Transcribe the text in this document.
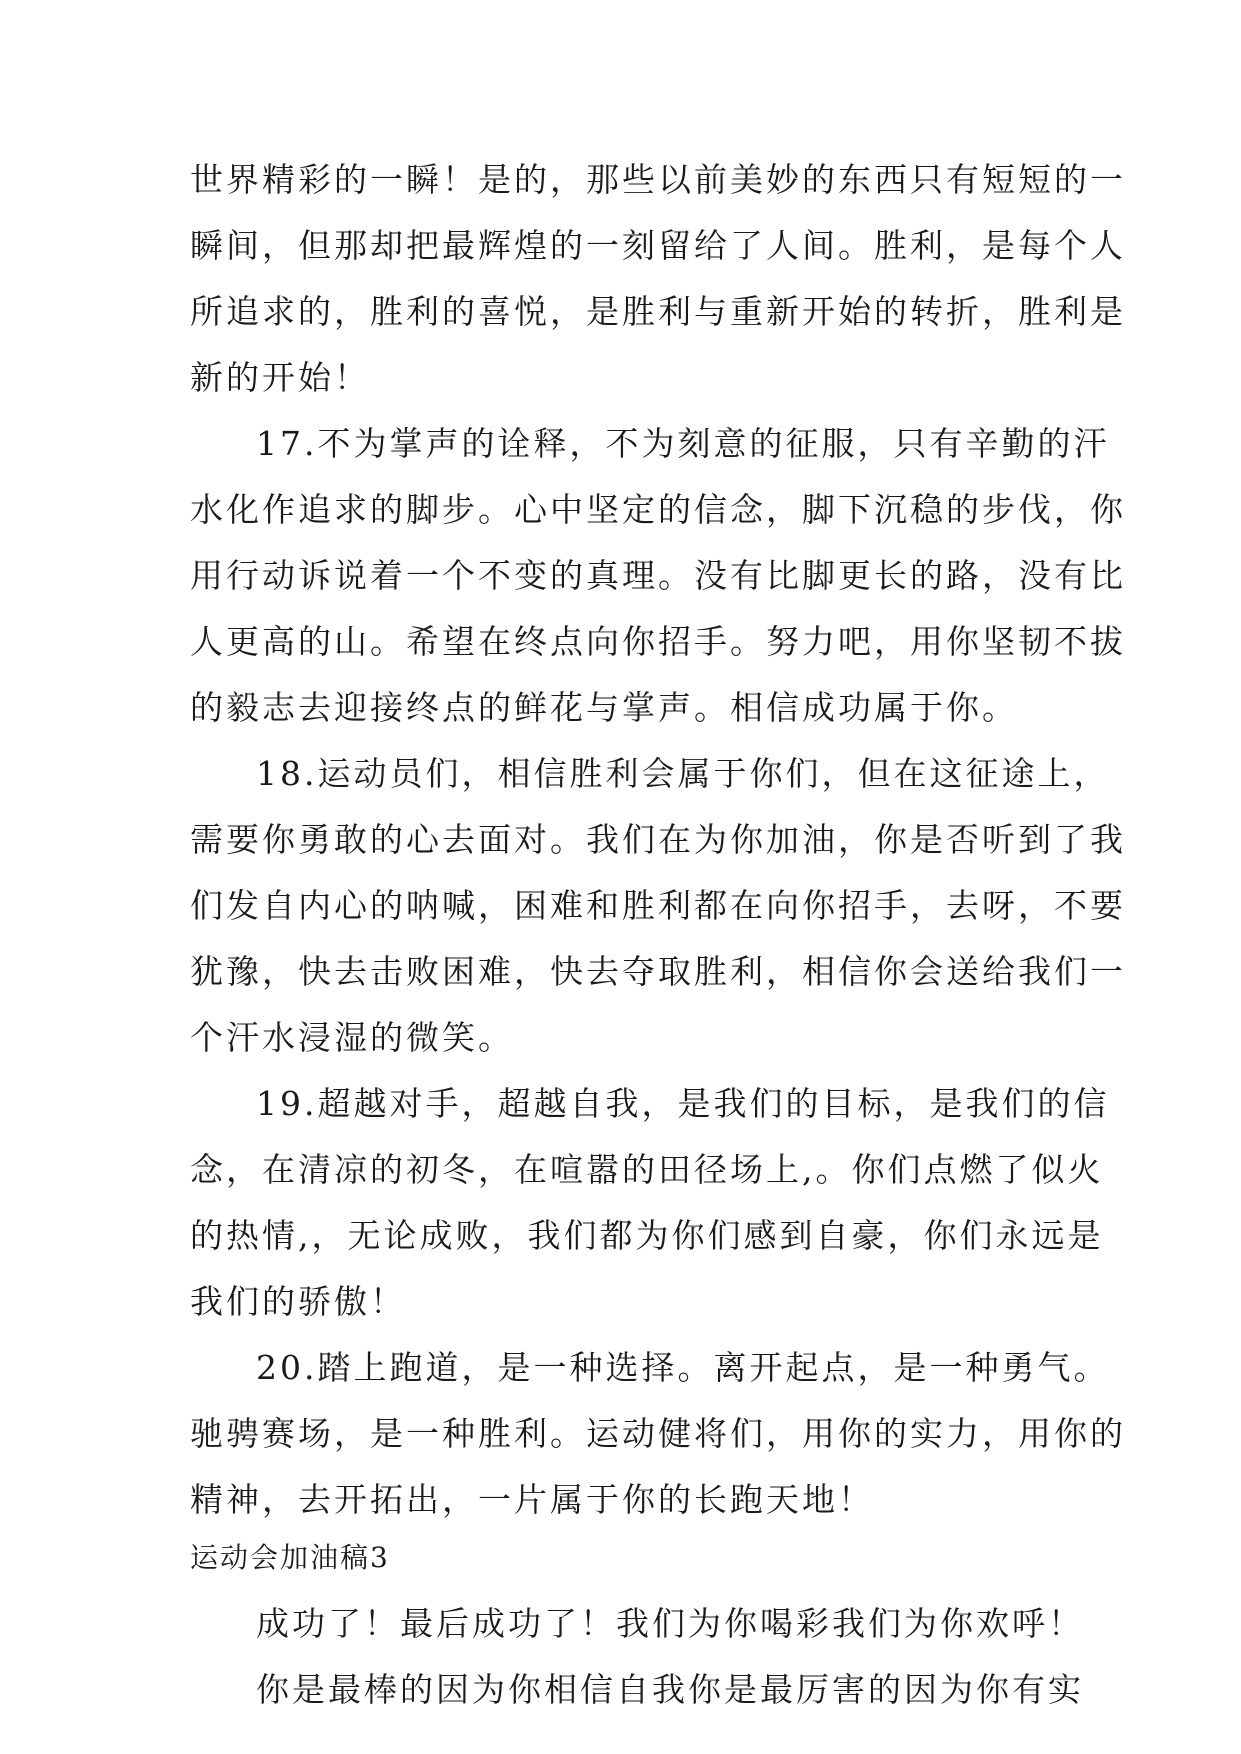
世界精彩的一瞬！是的，那些以前美妙的东西只有短短的一
瞬间，但那却把最辉煌的一刻留给了人间。胜利，是每个人
所追求的，胜利的喜悦，是胜利与重新开始的转折，胜利是
新的开始！
17.不为掌声的诠释，不为刻意的征服，只有辛勤的汗
水化作追求的脚步。心中坚定的信念，脚下沉稳的步伐，你
用行动诉说着一个不变的真理。没有比脚更长的路，没有比
人更高的山。希望在终点向你招手。努力吧，用你坚韧不拔
的毅志去迎接终点的鲜花与掌声。相信成功属于你。
18.运动员们，相信胜利会属于你们，但在这征途上，
需要你勇敢的心去面对。我们在为你加油，你是否听到了我
们发自内心的呐喊，困难和胜利都在向你招手，去呀，不要
犹豫，快去击败困难，快去夺取胜利，相信你会送给我们一
个汗水浸湿的微笑。
19.超越对手，超越自我，是我们的目标，是我们的信
念，在清凉的初冬，在喧嚣的田径场上,。你们点燃了似火
的热情,，无论成败，我们都为你们感到自豪，你们永远是
我们的骄傲！
20.踏上跑道，是一种选择。离开起点，是一种勇气。
驰骋赛场，是一种胜利。运动健将们，用你的实力，用你的
精神，去开拓出，一片属于你的长跑天地！
运动会加油稿3
成功了！最后成功了！我们为你喝彩我们为你欢呼！
你是最棒的因为你相信自我你是最厉害的因为你有实
